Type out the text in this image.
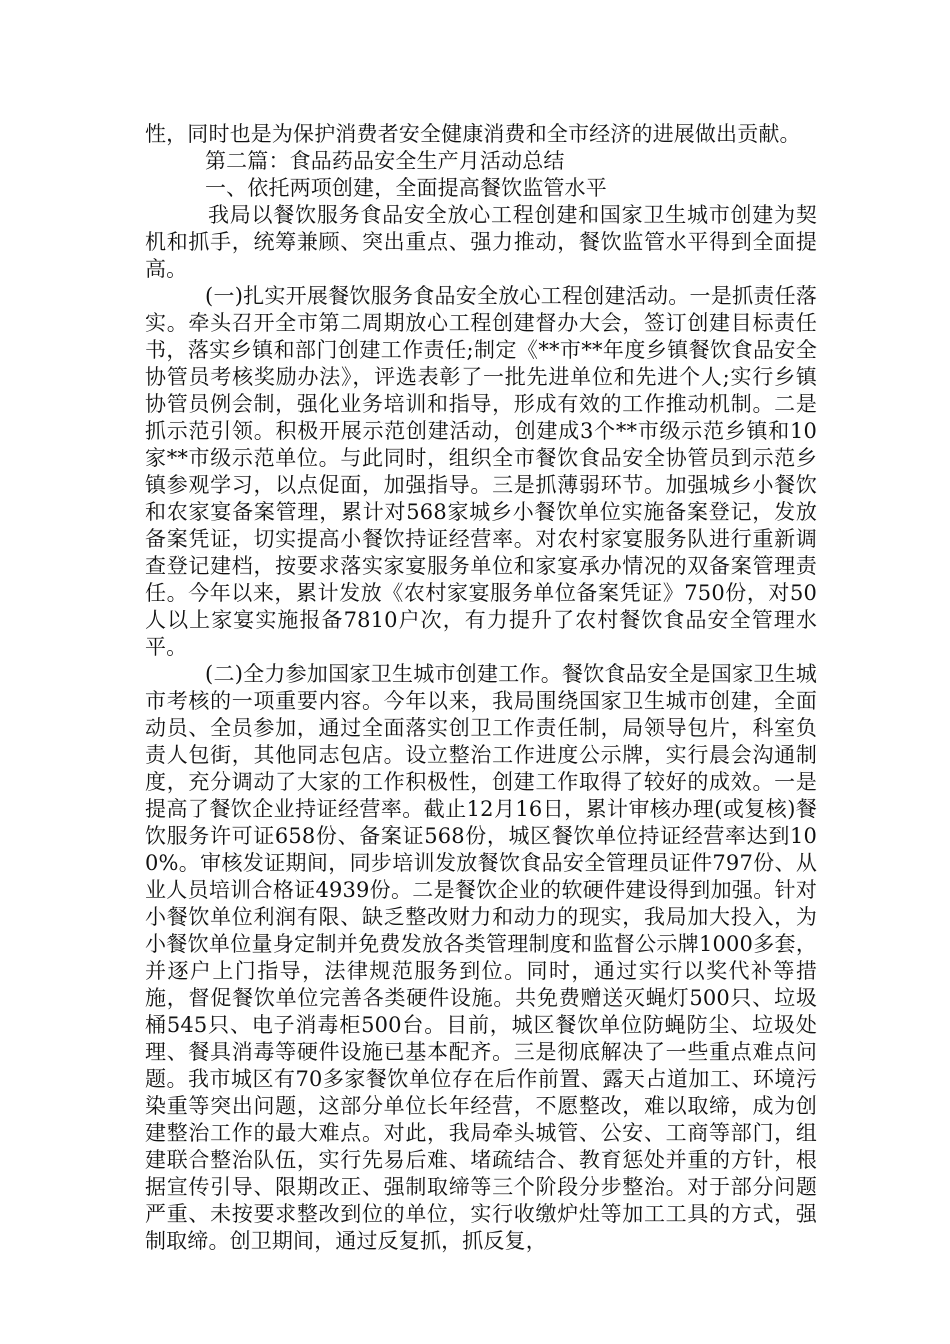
性，同时也是为保护消费者安全健康消费和全市经济的进展做出贡献。

第二篇：食品药品安全生产月活动总结

一、依托两项创建，全面提高餐饮监管水平

我局以餐饮服务食品安全放心工程创建和国家卫生城市创建为契机和抓手，统筹兼顾、突出重点、强力推动，餐饮监管水平得到全面提高。

(一)扎实开展餐饮服务食品安全放心工程创建活动。一是抓责任落实。牵头召开全市第二周期放心工程创建督办大会，签订创建目标责任书，落实乡镇和部门创建工作责任;制定《**市**年度乡镇餐饮食品安全协管员考核奖励办法》，评选表彰了一批先进单位和先进个人;实行乡镇协管员例会制，强化业务培训和指导，形成有效的工作推动机制。二是抓示范引领。积极开展示范创建活动，创建成3个**市级示范乡镇和10家**市级示范单位。与此同时，组织全市餐饮食品安全协管员到示范乡镇参观学习，以点促面，加强指导。三是抓薄弱环节。加强城乡小餐饮和农家宴备案管理，累计对568家城乡小餐饮单位实施备案登记，发放备案凭证，切实提高小餐饮持证经营率。对农村家宴服务队进行重新调查登记建档，按要求落实家宴服务单位和家宴承办情况的双备案管理责任。今年以来，累计发放《农村家宴服务单位备案凭证》750份，对50人以上家宴实施报备7810户次，有力提升了农村餐饮食品安全管理水平。

(二)全力参加国家卫生城市创建工作。餐饮食品安全是国家卫生城市考核的一项重要内容。今年以来，我局围绕国家卫生城市创建，全面动员、全员参加，通过全面落实创卫工作责任制，局领导包片，科室负责人包街，其他同志包店。设立整治工作进度公示牌，实行晨会沟通制度，充分调动了大家的工作积极性，创建工作取得了较好的成效。一是提高了餐饮企业持证经营率。截止12月16日，累计审核办理(或复核)餐饮服务许可证658份、备案证568份，城区餐饮单位持证经营率达到100%。审核发证期间，同步培训发放餐饮食品安全管理员证件797份、从业人员培训合格证4939份。二是餐饮企业的软硬件建设得到加强。针对小餐饮单位利润有限、缺乏整改财力和动力的现实，我局加大投入，为小餐饮单位量身定制并免费发放各类管理制度和监督公示牌1000多套，并逐户上门指导，法律规范服务到位。同时，通过实行以奖代补等措施，督促餐饮单位完善各类硬件设施。共免费赠送灭蝇灯500只、垃圾桶545只、电子消毒柜500台。目前，城区餐饮单位防蝇防尘、垃圾处理、餐具消毒等硬件设施已基本配齐。三是彻底解决了一些重点难点问题。我市城区有70多家餐饮单位存在后作前置、露天占道加工、环境污染重等突出问题，这部分单位长年经营，不愿整改，难以取缔，成为创建整治工作的最大难点。对此，我局牵头城管、公安、工商等部门，组建联合整治队伍，实行先易后难、堵疏结合、教育惩处并重的方针，根据宣传引导、限期改正、强制取缔等三个阶段分步整治。对于部分问题严重、未按要求整改到位的单位，实行收缴炉灶等加工工具的方式，强制取缔。创卫期间，通过反复抓，抓反复，
